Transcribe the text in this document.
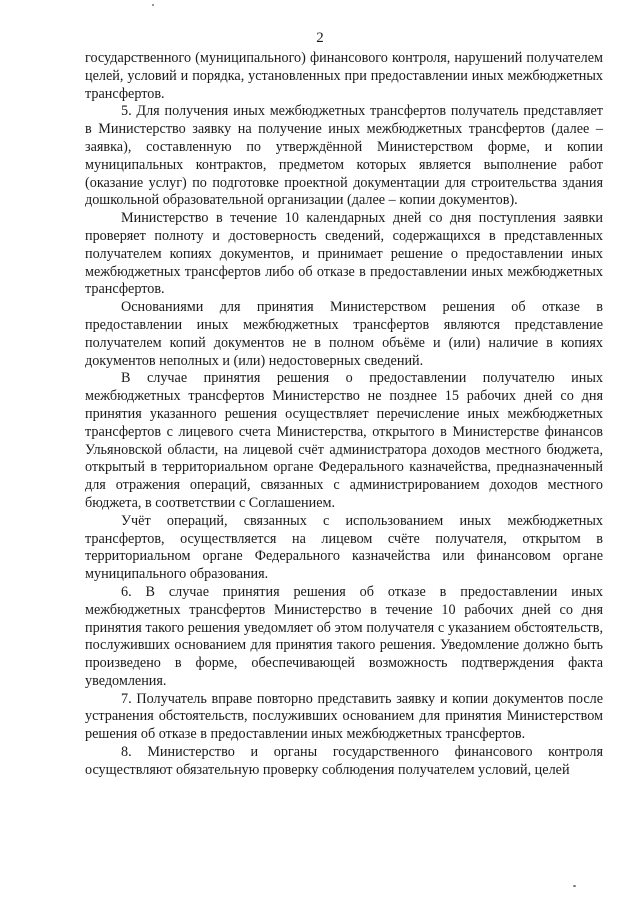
2

государственного (муниципального) финансового контроля, нарушений получателем целей, условий и порядка, установленных при предоставлении иных межбюджетных трансфертов.

5. Для получения иных межбюджетных трансфертов получатель представляет в Министерство заявку на получение иных межбюджетных трансфертов (далее – заявка), составленную по утверждённой Министерством форме, и копии муниципальных контрактов, предметом которых является выполнение работ (оказание услуг) по подготовке проектной документации для строительства здания дошкольной образовательной организации (далее – копии документов).

Министерство в течение 10 календарных дней со дня поступления заявки проверяет полноту и достоверность сведений, содержащихся в представленных получателем копиях документов, и принимает решение о предоставлении иных межбюджетных трансфертов либо об отказе в предоставлении иных межбюджетных трансфертов.

Основаниями для принятия Министерством решения об отказе в предоставлении иных межбюджетных трансфертов являются представление получателем копий документов не в полном объёме и (или) наличие в копиях документов неполных и (или) недостоверных сведений.

В случае принятия решения о предоставлении получателю иных межбюджетных трансфертов Министерство не позднее 15 рабочих дней со дня принятия указанного решения осуществляет перечисление иных межбюджетных трансфертов с лицевого счета Министерства, открытого в Министерстве финансов Ульяновской области, на лицевой счёт администратора доходов местного бюджета, открытый в территориальном органе Федерального казначейства, предназначенный для отражения операций, связанных с администрированием доходов местного бюджета, в соответствии с Соглашением.

Учёт операций, связанных с использованием иных межбюджетных трансфертов, осуществляется на лицевом счёте получателя, открытом в территориальном органе Федерального казначейства или финансовом органе муниципального образования.

6. В случае принятия решения об отказе в предоставлении иных межбюджетных трансфертов Министерство в течение 10 рабочих дней со дня принятия такого решения уведомляет об этом получателя с указанием обстоятельств, послуживших основанием для принятия такого решения. Уведомление должно быть произведено в форме, обеспечивающей возможность подтверждения факта уведомления.

7. Получатель вправе повторно представить заявку и копии документов после устранения обстоятельств, послуживших основанием для принятия Министерством решения об отказе в предоставлении иных межбюджетных трансфертов.

8. Министерство и органы государственного финансового контроля осуществляют обязательную проверку соблюдения получателем условий, целей
